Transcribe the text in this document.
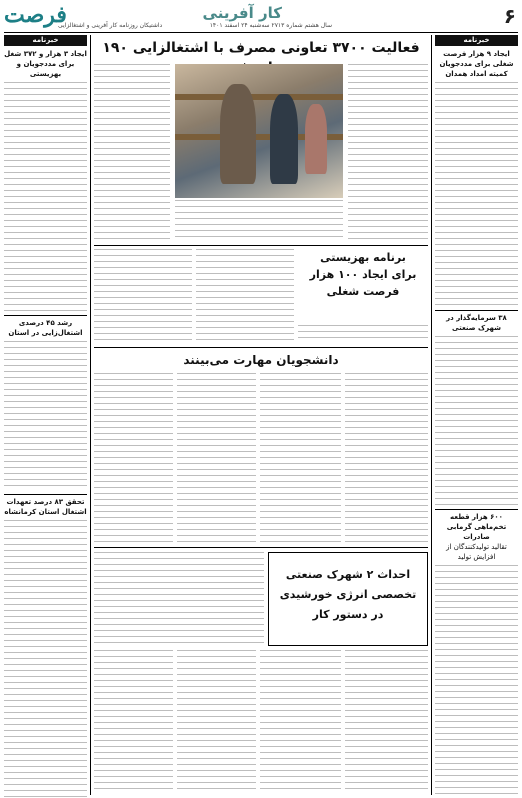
۶
کار آفرینی
سال هشتم شماره ۲۷۱۳ سه‌شنبه ۲۴ اسفند ۱۴۰۱
داشتیکان روزنامه کار آفرینی و اشتغالزایی
فرصت
خبرنامه
ایجاد ۹ هزار فرصت شغلی برای مددجویان کمیته امداد همدان
۳۸ سرمایه‌گذار در شهرک صنعتی
۶۰۰ هزار قطعه تخم‌ماهی گرمابی صادرات
تقالید تولیدکنندگان از افزایش تولید
خبرنامه
ایجاد ۳ هزار و ۳۷۲ شغل برای مددجویان و بهزیستی
رشد ۴۵ درصدی اشتغال‌زایی در استان
تحقق ۸۳ درصد تعهدات اشتغال استان کرمانشاه
فعالیت ۳۷۰۰ تعاونی مصرف با اشتغالزایی ۱۹۰
برنامه بهزیستی
برای ایجاد ۱۰۰ هزار
فرصت شغلی
دانشجویان مهارت می‌بینند
احداث ۲ شهرک صنعتی
تخصصی انرژی خورشیدی
در دستور کار
